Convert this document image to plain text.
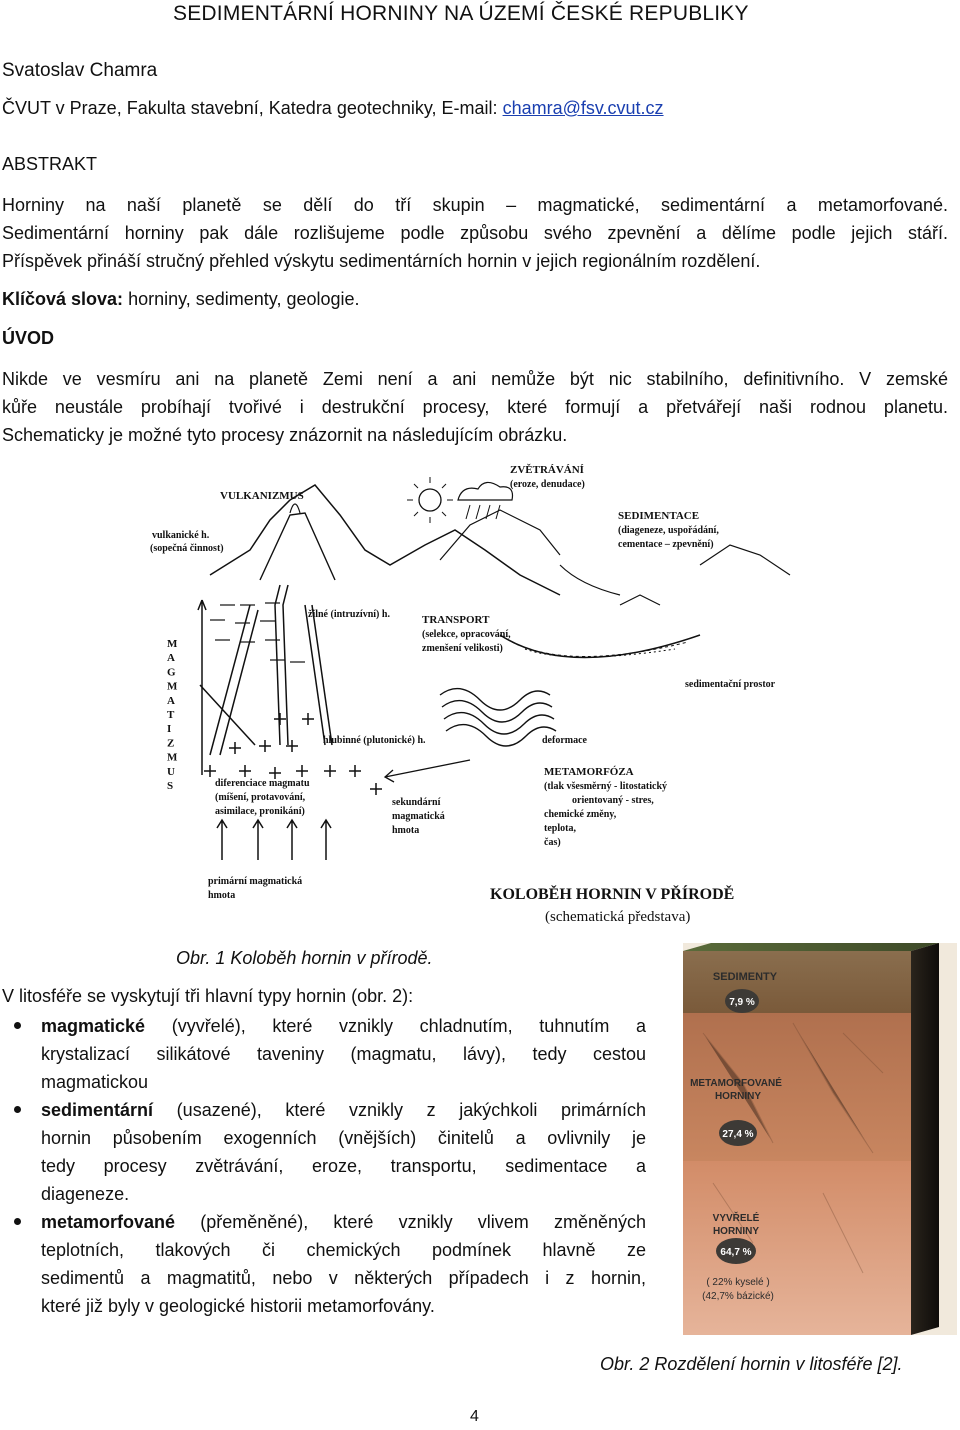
SEDIMENTÁRNÍ HORNINY NA ÚZEMÍ ČESKÉ REPUBLIKY
Svatoslav Chamra
ČVUT v Praze, Fakulta stavební, Katedra geotechniky, E-mail: chamra@fsv.cvut.cz
ABSTRAKT
Horniny na naší planetě se dělí do tří skupin – magmatické, sedimentární a metamorfované.
Sedimentární horniny pak dále rozlišujeme podle způsobu svého zpevnění a dělíme podle jejich stáří.
Příspěvek přináší stručný přehled výskytu sedimentárních hornin v jejich regionálním rozdělení.
Klíčová slova: horniny, sedimenty, geologie.
ÚVOD
Nikde ve vesmíru ani na planetě Zemi není a ani nemůže být nic stabilního, definitivního. V zemské
kůře neustále probíhají tvořivé i destrukční procesy, které formují a přetvářejí naši rodnou planetu.
Schematicky je možné tyto procesy znázornit na následujícím obrázku.
VULKANIZMUS
ZVĚTRÁVÁNÍ
(eroze, denudace)
SEDIMENTACE
(diageneze, uspořádání,
cementace – zpevnění)
vulkanické h.
(sopečná činnost)
žilné (intruzívní) h.	TRANSPORT
(selekce, opracování,
zmenšení velikosti)
sedimentační prostor
hlubinné (plutonické) h.	deformace
diferenciace magmatu
(míšení, protavování,
asimilace, pronikání)
sekundární
magmatická
hmota
METAMORFÓZA
(tlak všesměrný - litostatický
orientovaný - stres,
chemické změny,
teplota,
čas)
primární magmatická
hmota	KOLOBĚH HORNIN V PŘÍRODĚ
(schematická představa)
M
A
G
M
A
T
I
Z
M
U
S
Obr. 1 Koloběh hornin v přírodě.
V litosféře se vyskytují tři hlavní typy hornin (obr. 2):
magmatické (vyvřelé), které vznikly chladnutím, tuhnutím a
krystalizací silikátové taveniny (magmatu, lávy), tedy cestou
magmatickou
sedimentární (usazené), které vznikly z jakýchkoli primárních
hornin působením exogenních (vnějších) činitelů a ovlivnily je
tedy procesy zvětrávání, eroze, transportu, sedimentace a
diageneze.
metamorfované (přeměněné), které vznikly vlivem změněných
teplotních, tlakových či chemických podmínek hlavně ze
sedimentů a magmatitů, nebo v některých případech i z hornin,
které již byly v geologické historii metamorfovány.
SEDIMENTY
7,9 %
METAMORFOVANÉ
HORNINY
27,4 %
VYVŘELÉ
HORNINY
64,7 %
( 22% kyselé )
(42,7% bázické)
Obr. 2 Rozdělení hornin v litosféře [2].
4
